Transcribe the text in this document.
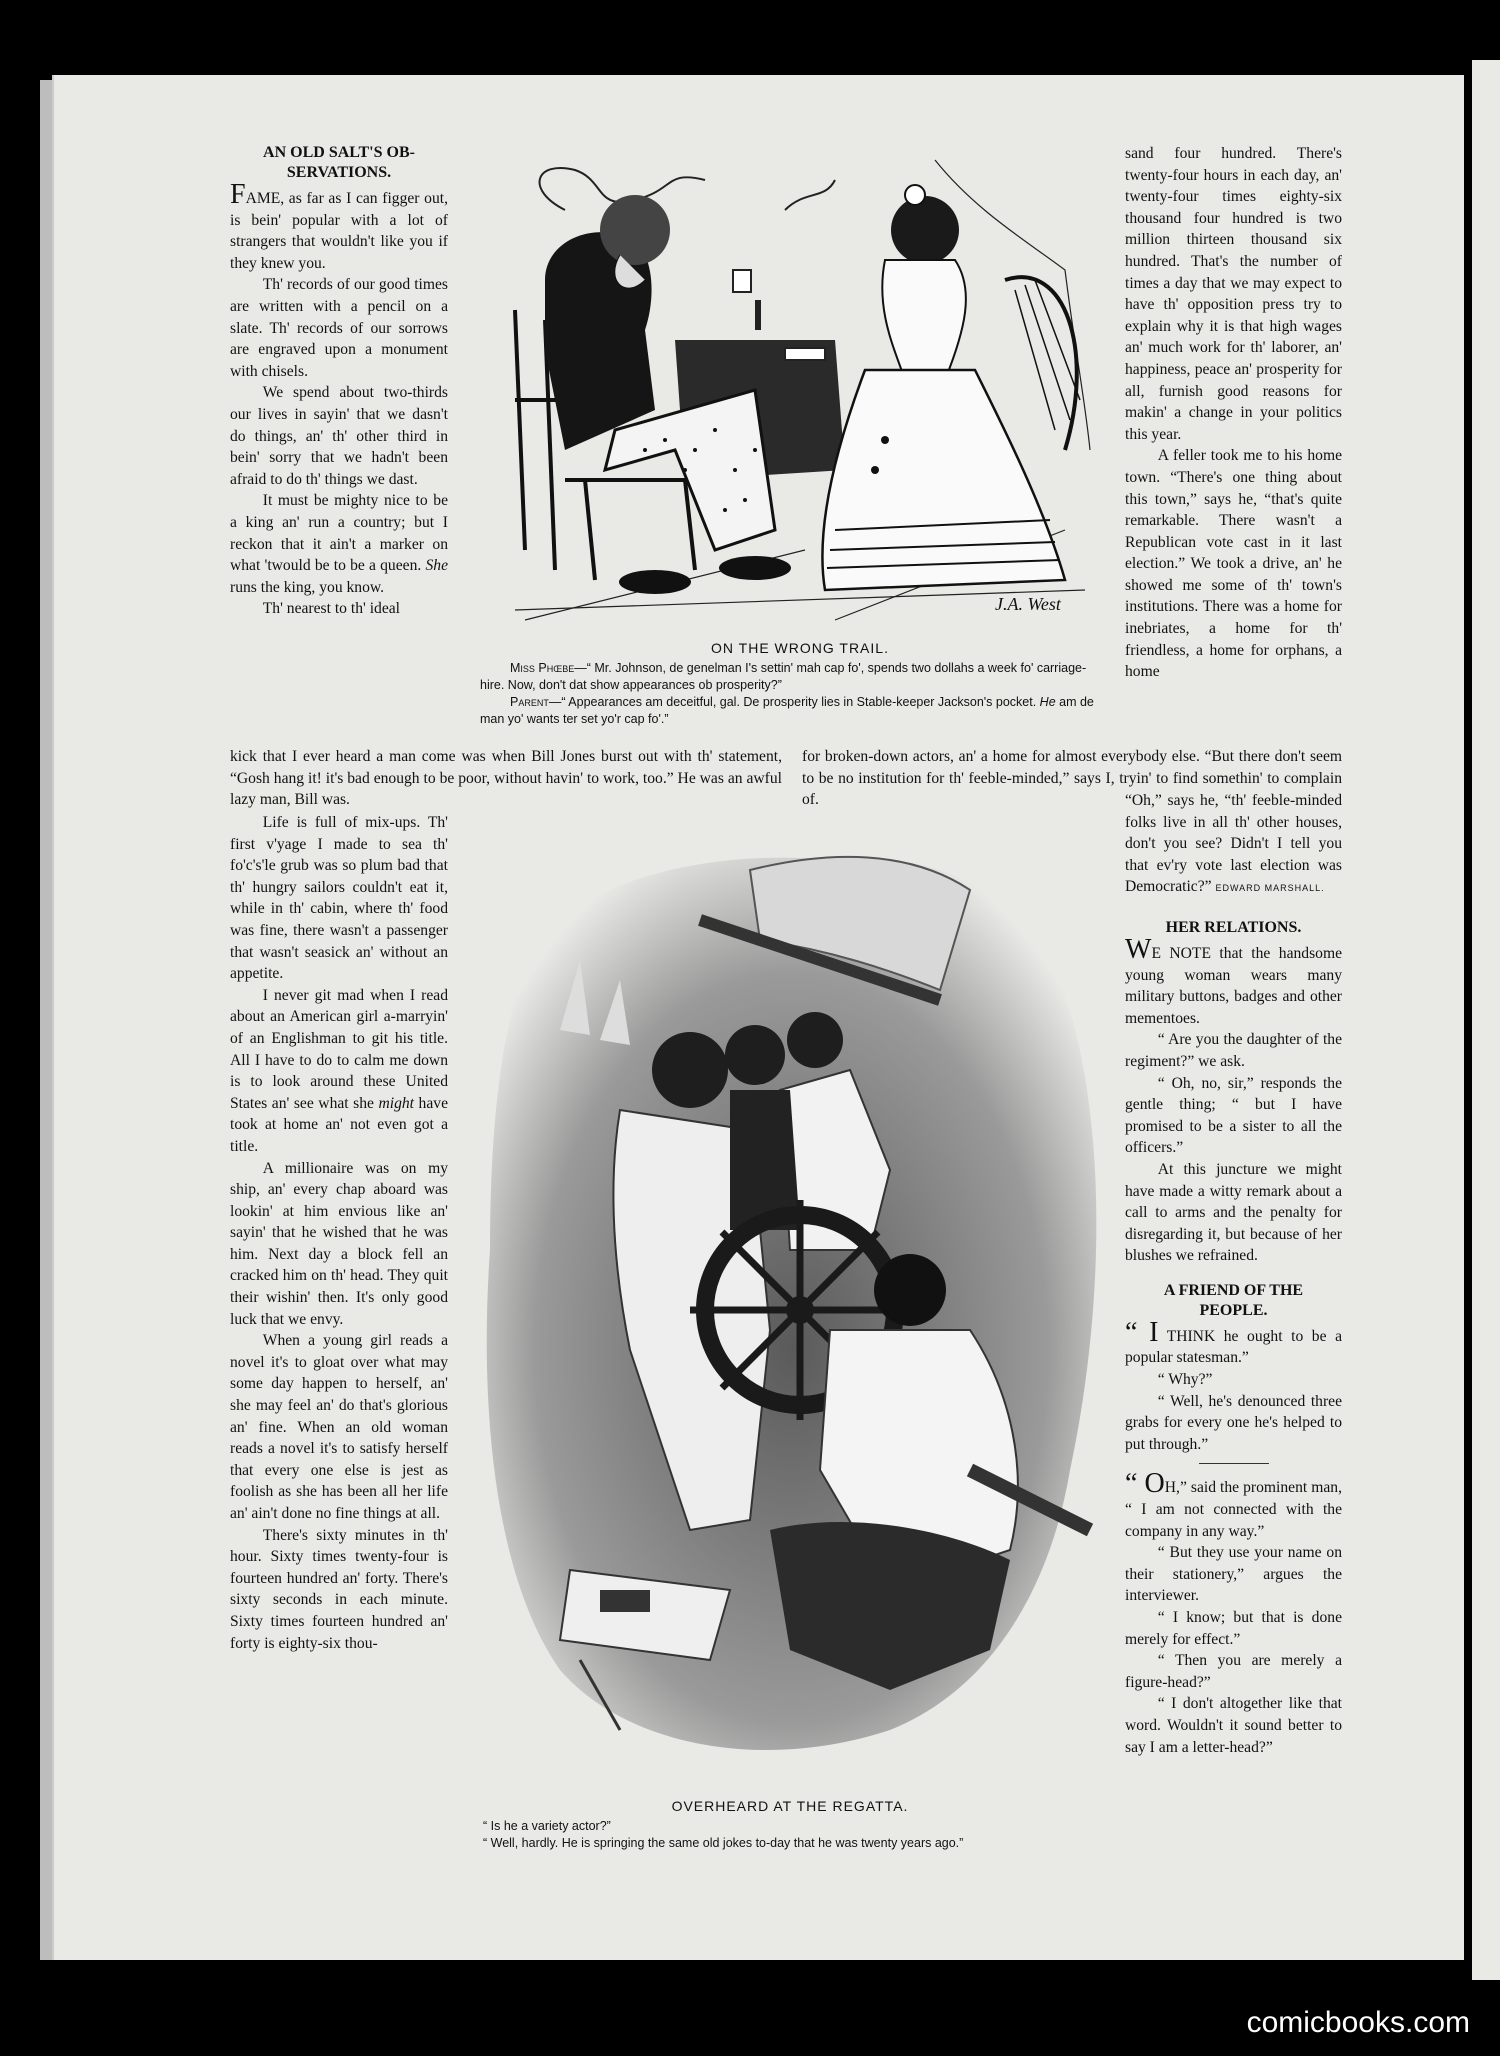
AN OLD SALT'S OB-SERVATIONS.

FAME, as far as I can figger out, is bein' popular with a lot of strangers that wouldn't like you if they knew you.

Th' records of our good times are written with a pencil on a slate. Th' records of our sorrows are engraved upon a monument with chisels.

We spend about two-thirds our lives in sayin' that we dasn't do things, an' th' other third in bein' sorry that we hadn't been afraid to do th' things we dast.

It must be mighty nice to be a king an' run a country; but I reckon that it ain't a marker on what 'twould be to be a queen. She runs the king, you know.

Th' nearest to th' ideal

kick that I ever heard a man come was when Bill Jones burst out with th' statement, “Gosh hang it! it's bad enough to be poor, without havin' to work, too.” He was an awful lazy man, Bill was.

Life is full of mix-ups. Th' first v'yage I made to sea th' fo'c's'le grub was so plum bad that th' hungry sailors couldn't eat it, while in th' cabin, where th' food was fine, there wasn't a passenger that wasn't seasick an' without an appetite.

I never git mad when I read about an American girl a-marryin' of an Englishman to git his title. All I have to do to calm me down is to look around these United States an' see what she might have took at home an' not even got a title.

A millionaire was on my ship, an' every chap aboard was lookin' at him envious like an' sayin' that he wished that he was him. Next day a block fell an cracked him on th' head. They quit their wishin' then. It's only good luck that we envy.

When a young girl reads a novel it's to gloat over what may some day happen to herself, an' she may feel an' do that's glorious an' fine. When an old woman reads a novel it's to satisfy herself that every one else is jest as foolish as she has been all her life an' ain't done no fine things at all.

There's sixty minutes in th' hour. Sixty times twenty-four is fourteen hundred an' forty. There's sixty seconds in each minute. Sixty times fourteen hundred an' forty is eighty-six thou-

J.A. West
ON THE WRONG TRAIL.

Miss Phœbe—“ Mr. Johnson, de genelman I's settin' mah cap fo', spends two dollahs a week fo' carriage-hire. Now, don't dat show appearances ob prosperity?”

Parent—“ Appearances am deceitful, gal. De prosperity lies in Stable-keeper Jackson's pocket. He am de man yo' wants ter set yo'r cap fo'.”

sand four hundred. There's twenty-four hours in each day, an' twenty-four times eighty-six thousand four hundred is two million thirteen thousand six hundred. That's the number of times a day that we may expect to have th' opposition press try to explain why it is that high wages an' much work for th' laborer, an' happiness, peace an' prosperity for all, furnish good reasons for makin' a change in your politics this year.

A feller took me to his home town. “There's one thing about this town,” says he, “that's quite remarkable. There wasn't a Republican vote cast in it last election.” We took a drive, an' he showed me some of th' town's institutions. There was a home for inebriates, a home for th' friendless, a home for orphans, a home

for broken-down actors, an' a home for almost everybody else. “But there don't seem to be no institution for th' feeble-minded,” says I, tryin' to find somethin' to complain of.	“Oh,” says he, “th' feeble-minded folks live in all th' other houses, don't you see? Didn't I tell you that ev'ry vote last election was Democratic?” EDWARD MARSHALL.

HER RELATIONS.

WE NOTE that the handsome young woman wears many military buttons, badges and other mementoes.

“ Are you the daughter of the regiment?” we ask.

“ Oh, no, sir,” responds the gentle thing; “ but I have promised to be a sister to all the officers.”

At this juncture we might have made a witty remark about a call to arms and the penalty for disregarding it, but because of her blushes we refrained.

A FRIEND OF THE PEOPLE.

“ I THINK he ought to be a popular statesman.”

“ Why?”

“ Well, he's denounced three grabs for every one he's helped to put through.”

“ OH,” said the prominent man, “ I am not connected with the company in any way.”

“ But they use your name on their stationery,” argues the interviewer.

“ I know; but that is done merely for effect.”

“ Then you are merely a figure-head?”

“ I don't altogether like that word. Wouldn't it sound better to say I am a letter-head?”

OVERHEARD AT THE REGATTA.

“ Is he a variety actor?”

“ Well, hardly. He is springing the same old jokes to-day that he was twenty years ago.”

comicbooks.com
